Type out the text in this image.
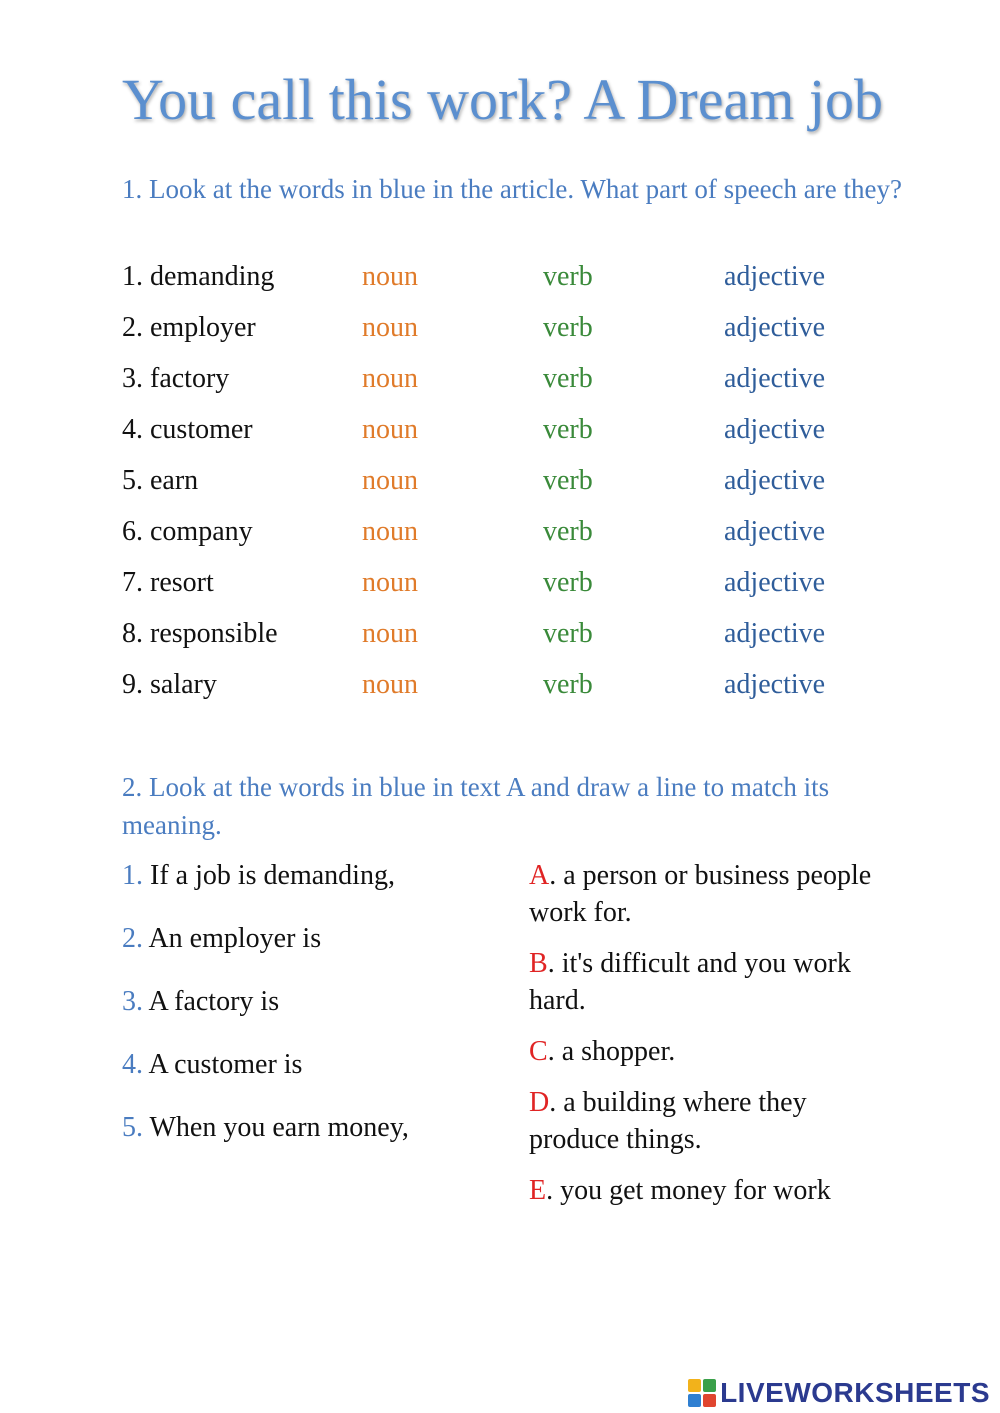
You call this work? A Dream job

1. Look at the words in blue in the article. What part of speech are they?

1. demanding	noun	verb	adjective
2. employer	noun	verb	adjective
3. factory	noun	verb	adjective
4. customer	noun	verb	adjective
5. earn	noun	verb	adjective
6. company	noun	verb	adjective
7. resort	noun	verb	adjective
8. responsible	noun	verb	adjective
9. salary	noun	verb	adjective

2. Look at the words in blue in text A and draw a line to match its meaning.

1. If a job is demanding,
2. An employer is
3. A factory is
4. A customer is
5. When you earn money,
A. a person or business people work for.
B. it's difficult and you work hard.
C. a shopper.
D. a building where they produce things.
E. you get money for work
LIVEWORKSHEETS
